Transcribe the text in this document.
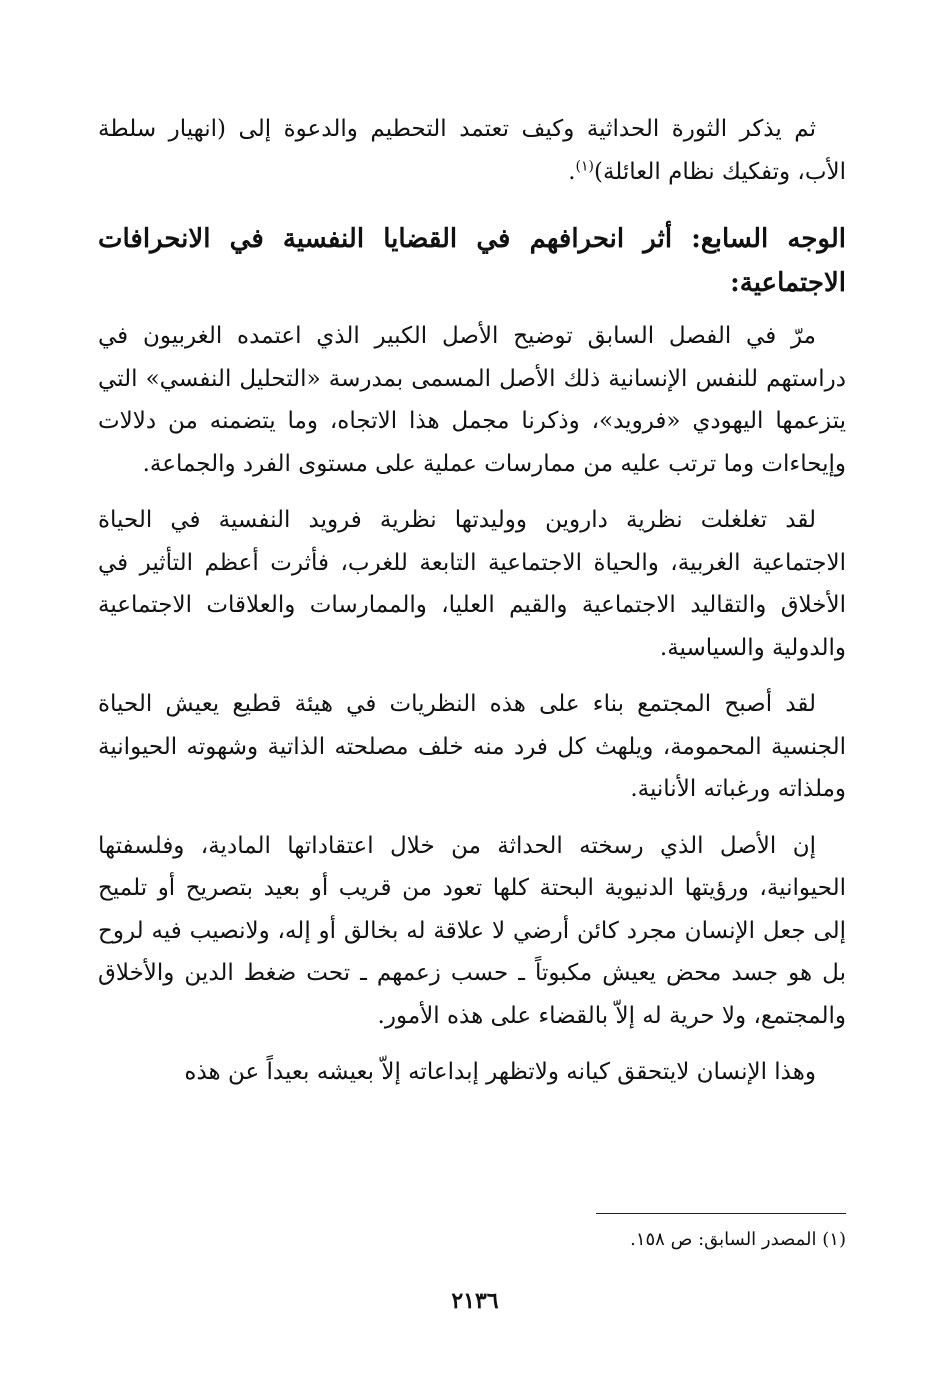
ثم يذكر الثورة الحداثية وكيف تعتمد التحطيم والدعوة إلى (انهيار سلطة الأب، وتفكيك نظام العائلة)$^{(١)}$.

الوجه السابع: أثر انحرافهم في القضايا النفسية في الانحرافات الاجتماعية:

مرّ في الفصل السابق توضيح الأصل الكبير الذي اعتمده الغربيون في دراستهم للنفس الإنسانية ذلك الأصل المسمى بمدرسة «التحليل النفسي» التي يتزعمها اليهودي «فرويد»، وذكرنا مجمل هذا الاتجاه، وما يتضمنه من دلالات وإيحاءات وما ترتب عليه من ممارسات عملية على مستوى الفرد والجماعة.

لقد تغلغلت نظرية داروين ووليدتها نظرية فرويد النفسية في الحياة الاجتماعية الغربية، والحياة الاجتماعية التابعة للغرب، فأثرت أعظم التأثير في الأخلاق والتقاليد الاجتماعية والقيم العليا، والممارسات والعلاقات الاجتماعية والدولية والسياسية.

لقد أصبح المجتمع بناء على هذه النظريات في هيئة قطيع يعيش الحياة الجنسية المحمومة، ويلهث كل فرد منه خلف مصلحته الذاتية وشهوته الحيوانية وملذاته ورغباته الأنانية.

إن الأصل الذي رسخته الحداثة من خلال اعتقاداتها المادية، وفلسفتها الحيوانية، ورؤيتها الدنيوية البحتة كلها تعود من قريب أو بعيد بتصريح أو تلميح إلى جعل الإنسان مجرد كائن أرضي لا علاقة له بخالق أو إله، ولانصيب فيه لروح بل هو جسد محض يعيش مكبوتاً ـ حسب زعمهم ـ تحت ضغط الدين والأخلاق والمجتمع، ولا حرية له إلاّ بالقضاء على هذه الأمور.

وهذا الإنسان لايتحقق كيانه ولاتظهر إبداعاته إلاّ بعيشه بعيداً عن هذه

(١) المصدر السابق: ص ١٥٨.
٢١٣٦
